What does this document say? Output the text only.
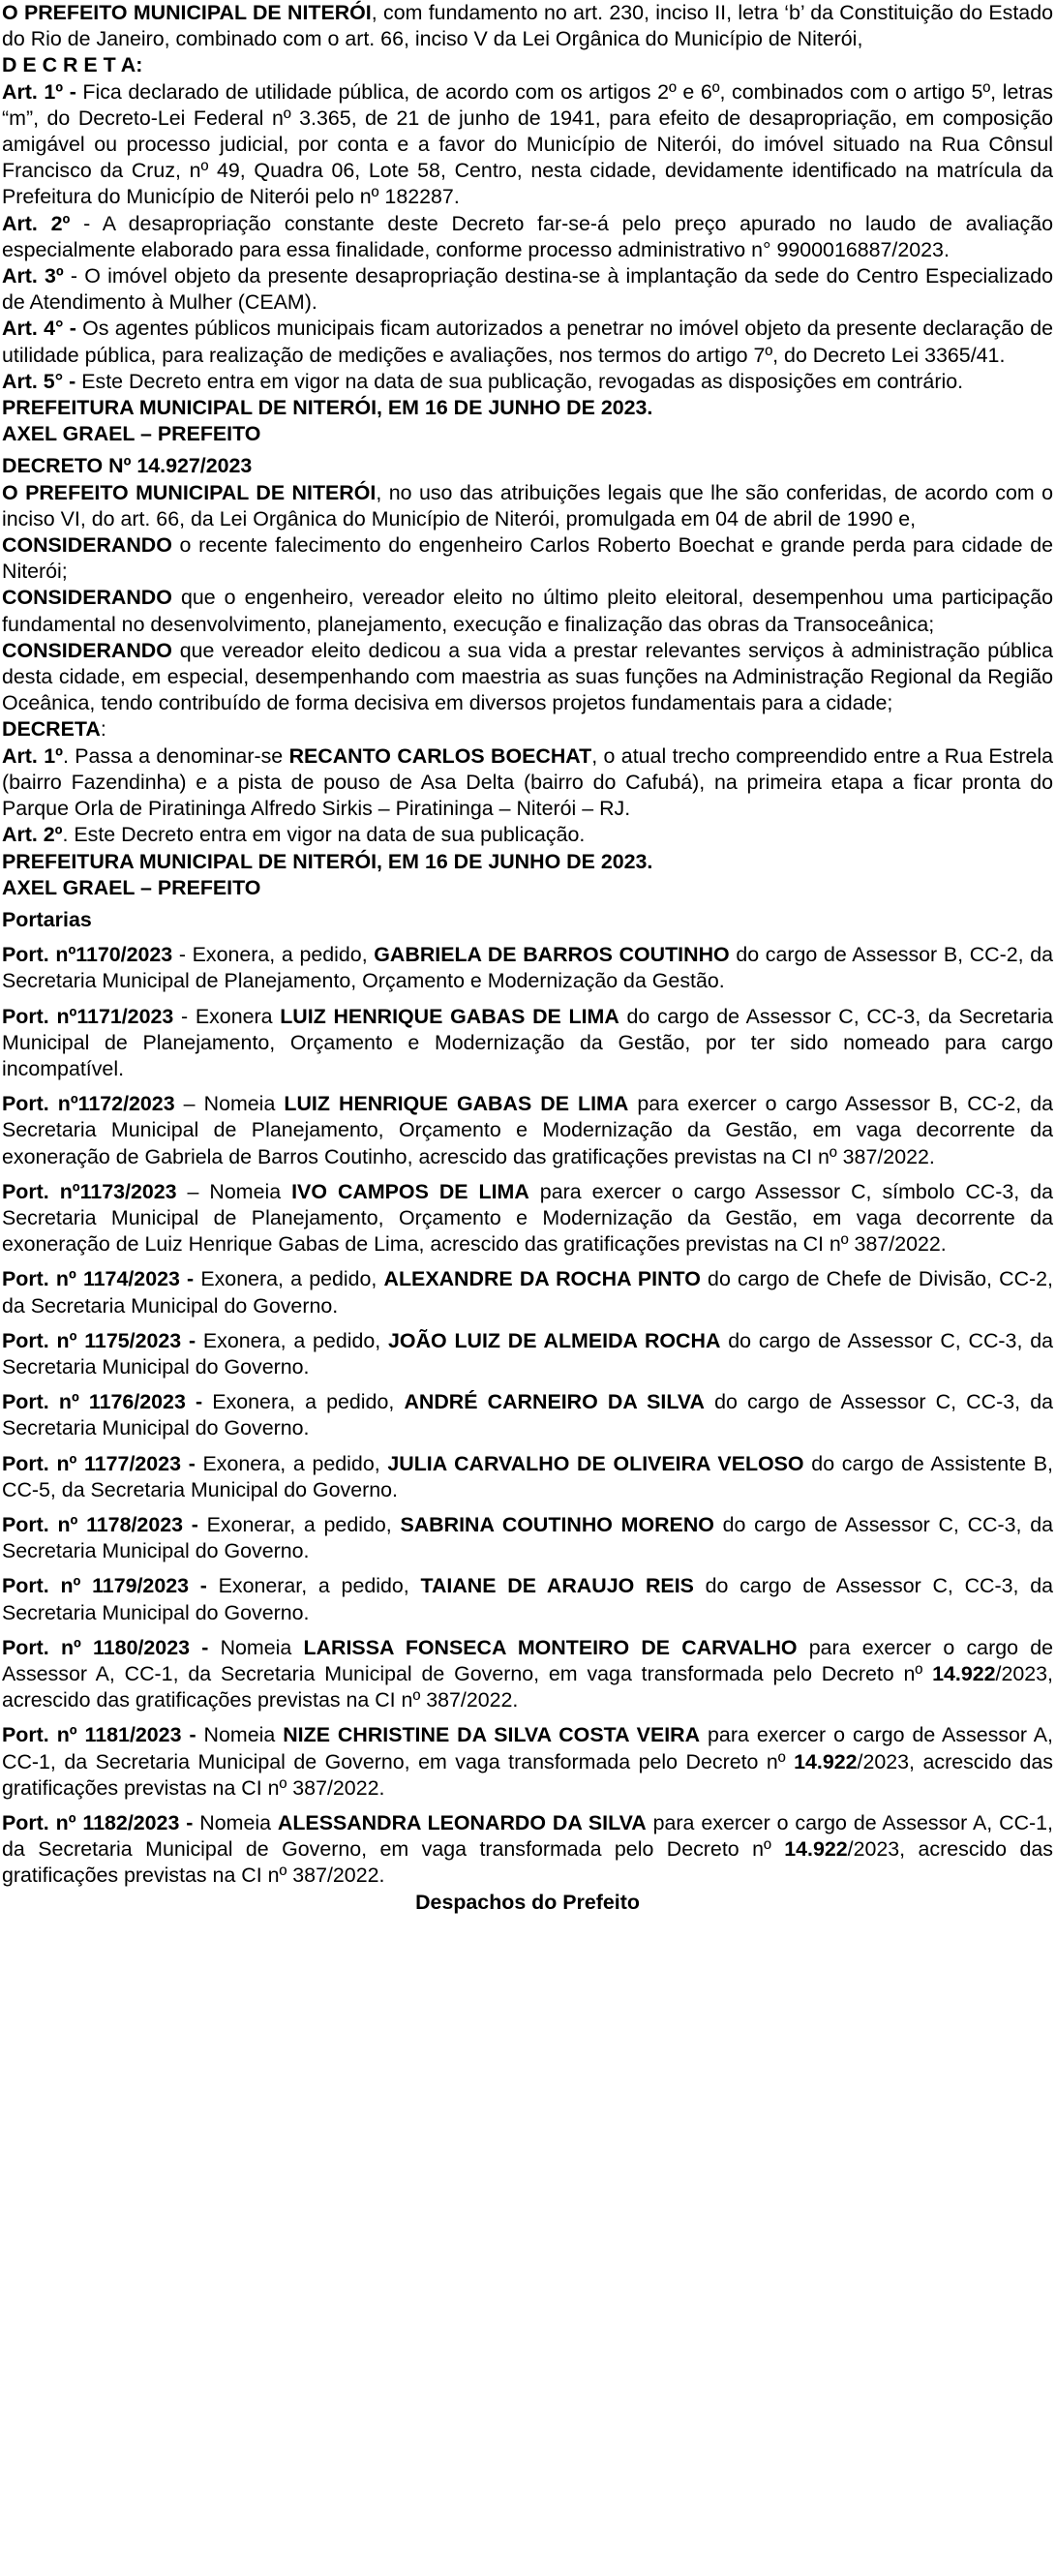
O PREFEITO MUNICIPAL DE NITERÓI, com fundamento no art. 230, inciso II, letra ‘b’ da Constituição do Estado do Rio de Janeiro, combinado com o art. 66, inciso V da Lei Orgânica do Município de Niterói,

D E C R E T A:

Art. 1º - Fica declarado de utilidade pública, de acordo com os artigos 2º e 6º, combinados com o artigo 5º, letras “m”, do Decreto-Lei Federal nº 3.365, de 21 de junho de 1941, para efeito de desapropriação, em composição amigável ou processo judicial, por conta e a favor do Município de Niterói, do imóvel situado na Rua Cônsul Francisco da Cruz, nº 49, Quadra 06, Lote 58, Centro, nesta cidade, devidamente identificado na matrícula da Prefeitura do Município de Niterói pelo nº 182287.

Art. 2º - A desapropriação constante deste Decreto far-se-á pelo preço apurado no laudo de avaliação especialmente elaborado para essa finalidade, conforme processo administrativo n° 9900016887/2023.

Art. 3º - O imóvel objeto da presente desapropriação destina-se à implantação da sede do Centro Especializado de Atendimento à Mulher (CEAM).

Art. 4° - Os agentes públicos municipais ficam autorizados a penetrar no imóvel objeto da presente declaração de utilidade pública, para realização de medições e avaliações, nos termos do artigo 7º, do Decreto Lei 3365/41.

Art. 5° - Este Decreto entra em vigor na data de sua publicação, revogadas as disposições em contrário.

PREFEITURA MUNICIPAL DE NITERÓI, EM 16 DE JUNHO DE 2023.

AXEL GRAEL – PREFEITO

DECRETO Nº 14.927/2023

O PREFEITO MUNICIPAL DE NITERÓI, no uso das atribuições legais que lhe são conferidas, de acordo com o inciso VI, do art. 66, da Lei Orgânica do Município de Niterói, promulgada em 04 de abril de 1990 e,

CONSIDERANDO o recente falecimento do engenheiro Carlos Roberto Boechat e grande perda para cidade de Niterói;

CONSIDERANDO que o engenheiro, vereador eleito no último pleito eleitoral, desempenhou uma participação fundamental no desenvolvimento, planejamento, execução e finalização das obras da Transoceânica;

CONSIDERANDO que vereador eleito dedicou a sua vida a prestar relevantes serviços à administração pública desta cidade, em especial, desempenhando com maestria as suas funções na Administração Regional da Região Oceânica, tendo contribuído de forma decisiva em diversos projetos fundamentais para a cidade;

DECRETA:

Art. 1º. Passa a denominar-se RECANTO CARLOS BOECHAT, o atual trecho compreendido entre a Rua Estrela (bairro Fazendinha) e a pista de pouso de Asa Delta (bairro do Cafubá), na primeira etapa a ficar pronta do Parque Orla de Piratininga Alfredo Sirkis – Piratininga – Niterói – RJ.

Art. 2º. Este Decreto entra em vigor na data de sua publicação.

PREFEITURA MUNICIPAL DE NITERÓI, EM 16 DE JUNHO DE 2023.

AXEL GRAEL – PREFEITO

Portarias

Port. nº1170/2023 - Exonera, a pedido, GABRIELA DE BARROS COUTINHO do cargo de Assessor B, CC-2, da Secretaria Municipal de Planejamento, Orçamento e Modernização da Gestão.

Port. nº1171/2023 - Exonera LUIZ HENRIQUE GABAS DE LIMA do cargo de Assessor C, CC-3, da Secretaria Municipal de Planejamento, Orçamento e Modernização da Gestão, por ter sido nomeado para cargo incompatível.

Port. nº1172/2023 – Nomeia LUIZ HENRIQUE GABAS DE LIMA para exercer o cargo Assessor B, CC-2, da Secretaria Municipal de Planejamento, Orçamento e Modernização da Gestão, em vaga decorrente da exoneração de Gabriela de Barros Coutinho, acrescido das gratificações previstas na CI nº 387/2022.

Port. nº1173/2023 – Nomeia IVO CAMPOS DE LIMA para exercer o cargo Assessor C, símbolo CC-3, da Secretaria Municipal de Planejamento, Orçamento e Modernização da Gestão, em vaga decorrente da exoneração de Luiz Henrique Gabas de Lima, acrescido das gratificações previstas na CI nº 387/2022.

Port. nº 1174/2023 - Exonera, a pedido, ALEXANDRE DA ROCHA PINTO do cargo de Chefe de Divisão, CC-2, da Secretaria Municipal do Governo.

Port. nº 1175/2023 - Exonera, a pedido, JOÃO LUIZ DE ALMEIDA ROCHA do cargo de Assessor C, CC-3, da Secretaria Municipal do Governo.

Port. nº 1176/2023 - Exonera, a pedido, ANDRÉ CARNEIRO DA SILVA do cargo de Assessor C, CC-3, da Secretaria Municipal do Governo.

Port. nº 1177/2023 - Exonera, a pedido, JULIA CARVALHO DE OLIVEIRA VELOSO do cargo de Assistente B, CC-5, da Secretaria Municipal do Governo.

Port. nº 1178/2023 - Exonerar, a pedido, SABRINA COUTINHO MORENO do cargo de Assessor C, CC-3, da Secretaria Municipal do Governo.

Port. nº 1179/2023 - Exonerar, a pedido, TAIANE DE ARAUJO REIS do cargo de Assessor C, CC-3, da Secretaria Municipal do Governo.

Port. nº 1180/2023 - Nomeia LARISSA FONSECA MONTEIRO DE CARVALHO para exercer o cargo de Assessor A, CC-1, da Secretaria Municipal de Governo, em vaga transformada pelo Decreto nº 14.922/2023, acrescido das gratificações previstas na CI nº 387/2022.

Port. nº 1181/2023 - Nomeia NIZE CHRISTINE DA SILVA COSTA VEIRA para exercer o cargo de Assessor A, CC-1, da Secretaria Municipal de Governo, em vaga transformada pelo Decreto nº 14.922/2023, acrescido das gratificações previstas na CI nº 387/2022.

Port. nº 1182/2023 - Nomeia ALESSANDRA LEONARDO DA SILVA para exercer o cargo de Assessor A, CC-1, da Secretaria Municipal de Governo, em vaga transformada pelo Decreto nº 14.922/2023, acrescido das gratificações previstas na CI nº 387/2022.

Despachos do Prefeito
